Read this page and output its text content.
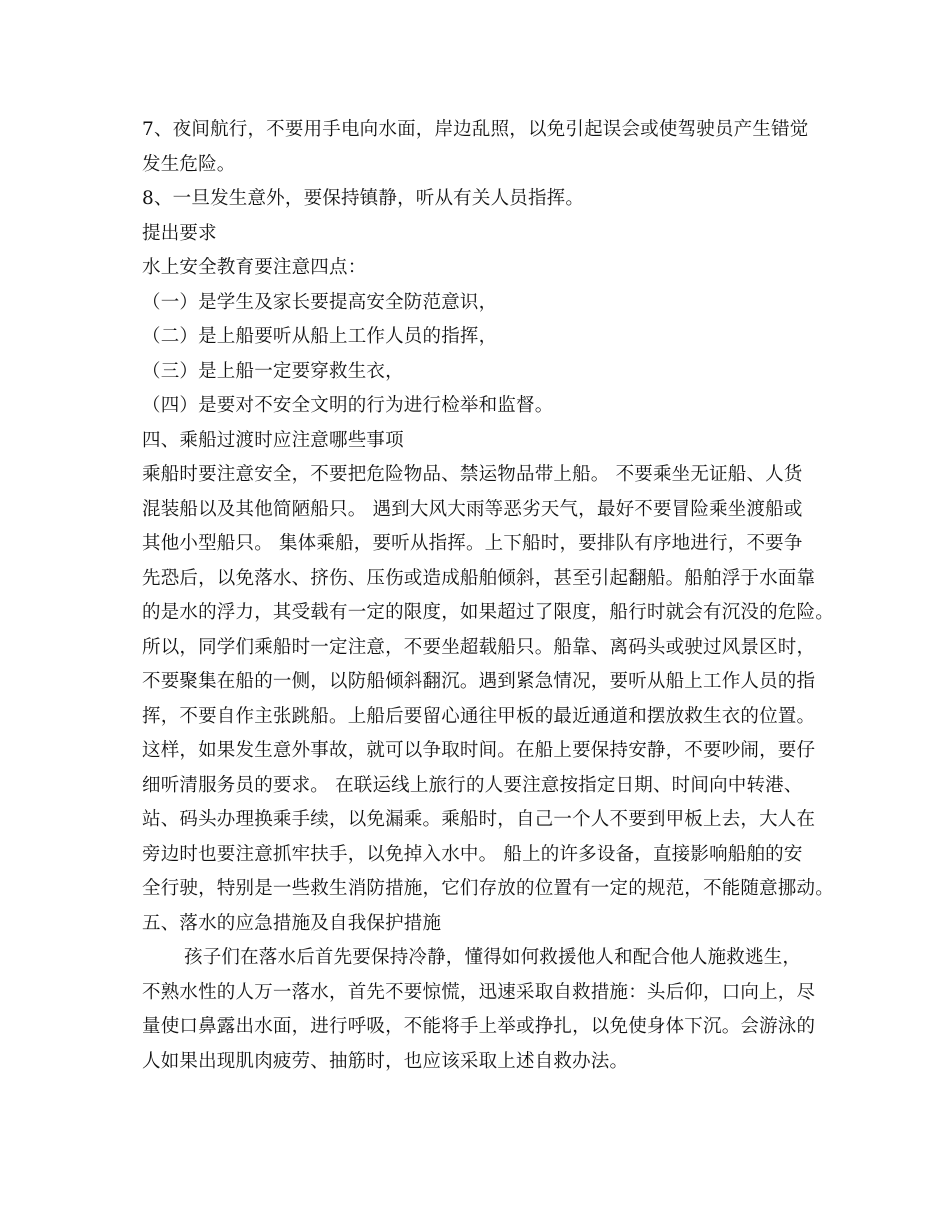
7、夜间航行，不要用手电向水面，岸边乱照，以免引起误会或使驾驶员产生错觉
发生危险。
8、一旦发生意外，要保持镇静，听从有关人员指挥。
提出要求
水上安全教育要注意四点：
（一）是学生及家长要提高安全防范意识，
（二）是上船要听从船上工作人员的指挥，
（三）是上船一定要穿救生衣，
（四）是要对不安全文明的行为进行检举和监督。
四、乘船过渡时应注意哪些事项
乘船时要注意安全，不要把危险物品、禁运物品带上船。 不要乘坐无证船、人货
混装船以及其他简陋船只。 遇到大风大雨等恶劣天气，最好不要冒险乘坐渡船或
其他小型船只。 集体乘船，要听从指挥。上下船时，要排队有序地进行，不要争
先恐后，以免落水、挤伤、压伤或造成船舶倾斜，甚至引起翻船。船舶浮于水面靠
的是水的浮力，其受载有一定的限度，如果超过了限度，船行时就会有沉没的危险。
所以，同学们乘船时一定注意，不要坐超载船只。船靠、离码头或驶过风景区时，
不要聚集在船的一侧，以防船倾斜翻沉。遇到紧急情况，要听从船上工作人员的指
挥，不要自作主张跳船。上船后要留心通往甲板的最近通道和摆放救生衣的位置。
这样，如果发生意外事故，就可以争取时间。在船上要保持安静，不要吵闹，要仔
细听清服务员的要求。 在联运线上旅行的人要注意按指定日期、时间向中转港、
站、码头办理换乘手续，以免漏乘。乘船时，自己一个人不要到甲板上去，大人在
旁边时也要注意抓牢扶手，以免掉入水中。 船上的许多设备，直接影响船舶的安
全行驶，特别是一些救生消防措施，它们存放的位置有一定的规范，不能随意挪动。
五、落水的应急措施及自我保护措施
孩子们在落水后首先要保持冷静，懂得如何救援他人和配合他人施救逃生，
不熟水性的人万一落水，首先不要惊慌，迅速采取自救措施：头后仰，口向上，尽
量使口鼻露出水面，进行呼吸，不能将手上举或挣扎，以免使身体下沉。会游泳的
人如果出现肌肉疲劳、抽筋时，也应该采取上述自救办法。
